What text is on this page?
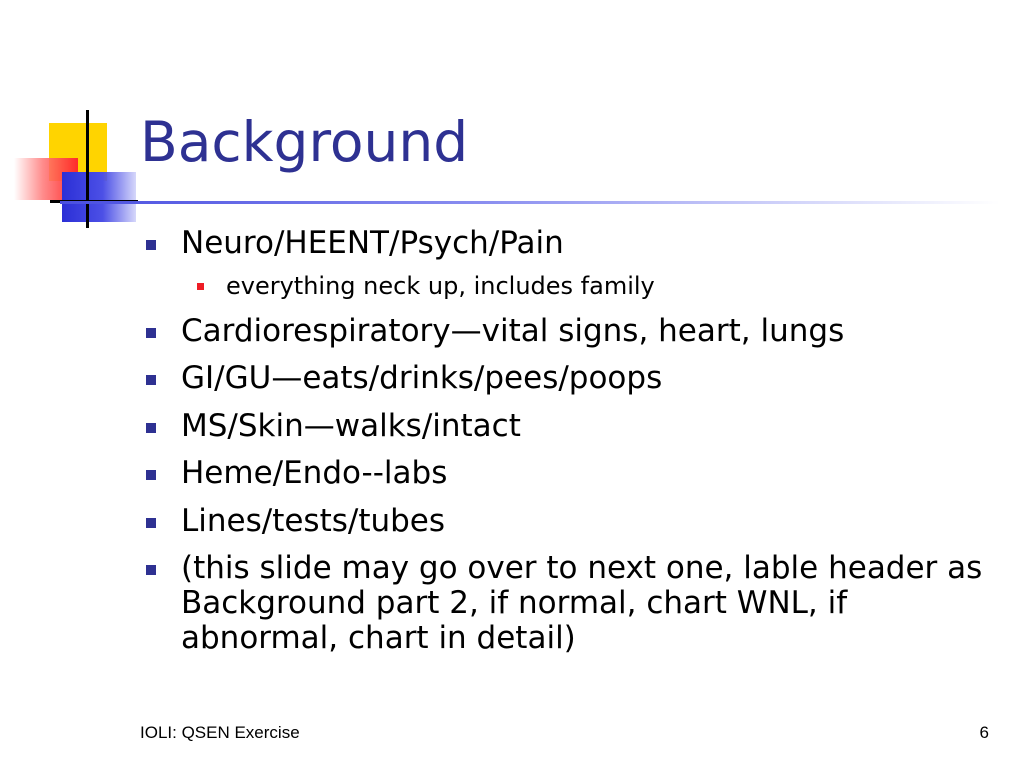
Background
Neuro/HEENT/Psych/Pain
everything neck up, includes family
Cardiorespiratory—vital signs, heart, lungs
GI/GU—eats/drinks/pees/poops
MS/Skin—walks/intact
Heme/Endo--labs
Lines/tests/tubes
(this slide may go over to next one, lable header as Background part 2, if normal, chart WNL, if abnormal, chart in detail)
IOLI: QSEN Exercise	6
